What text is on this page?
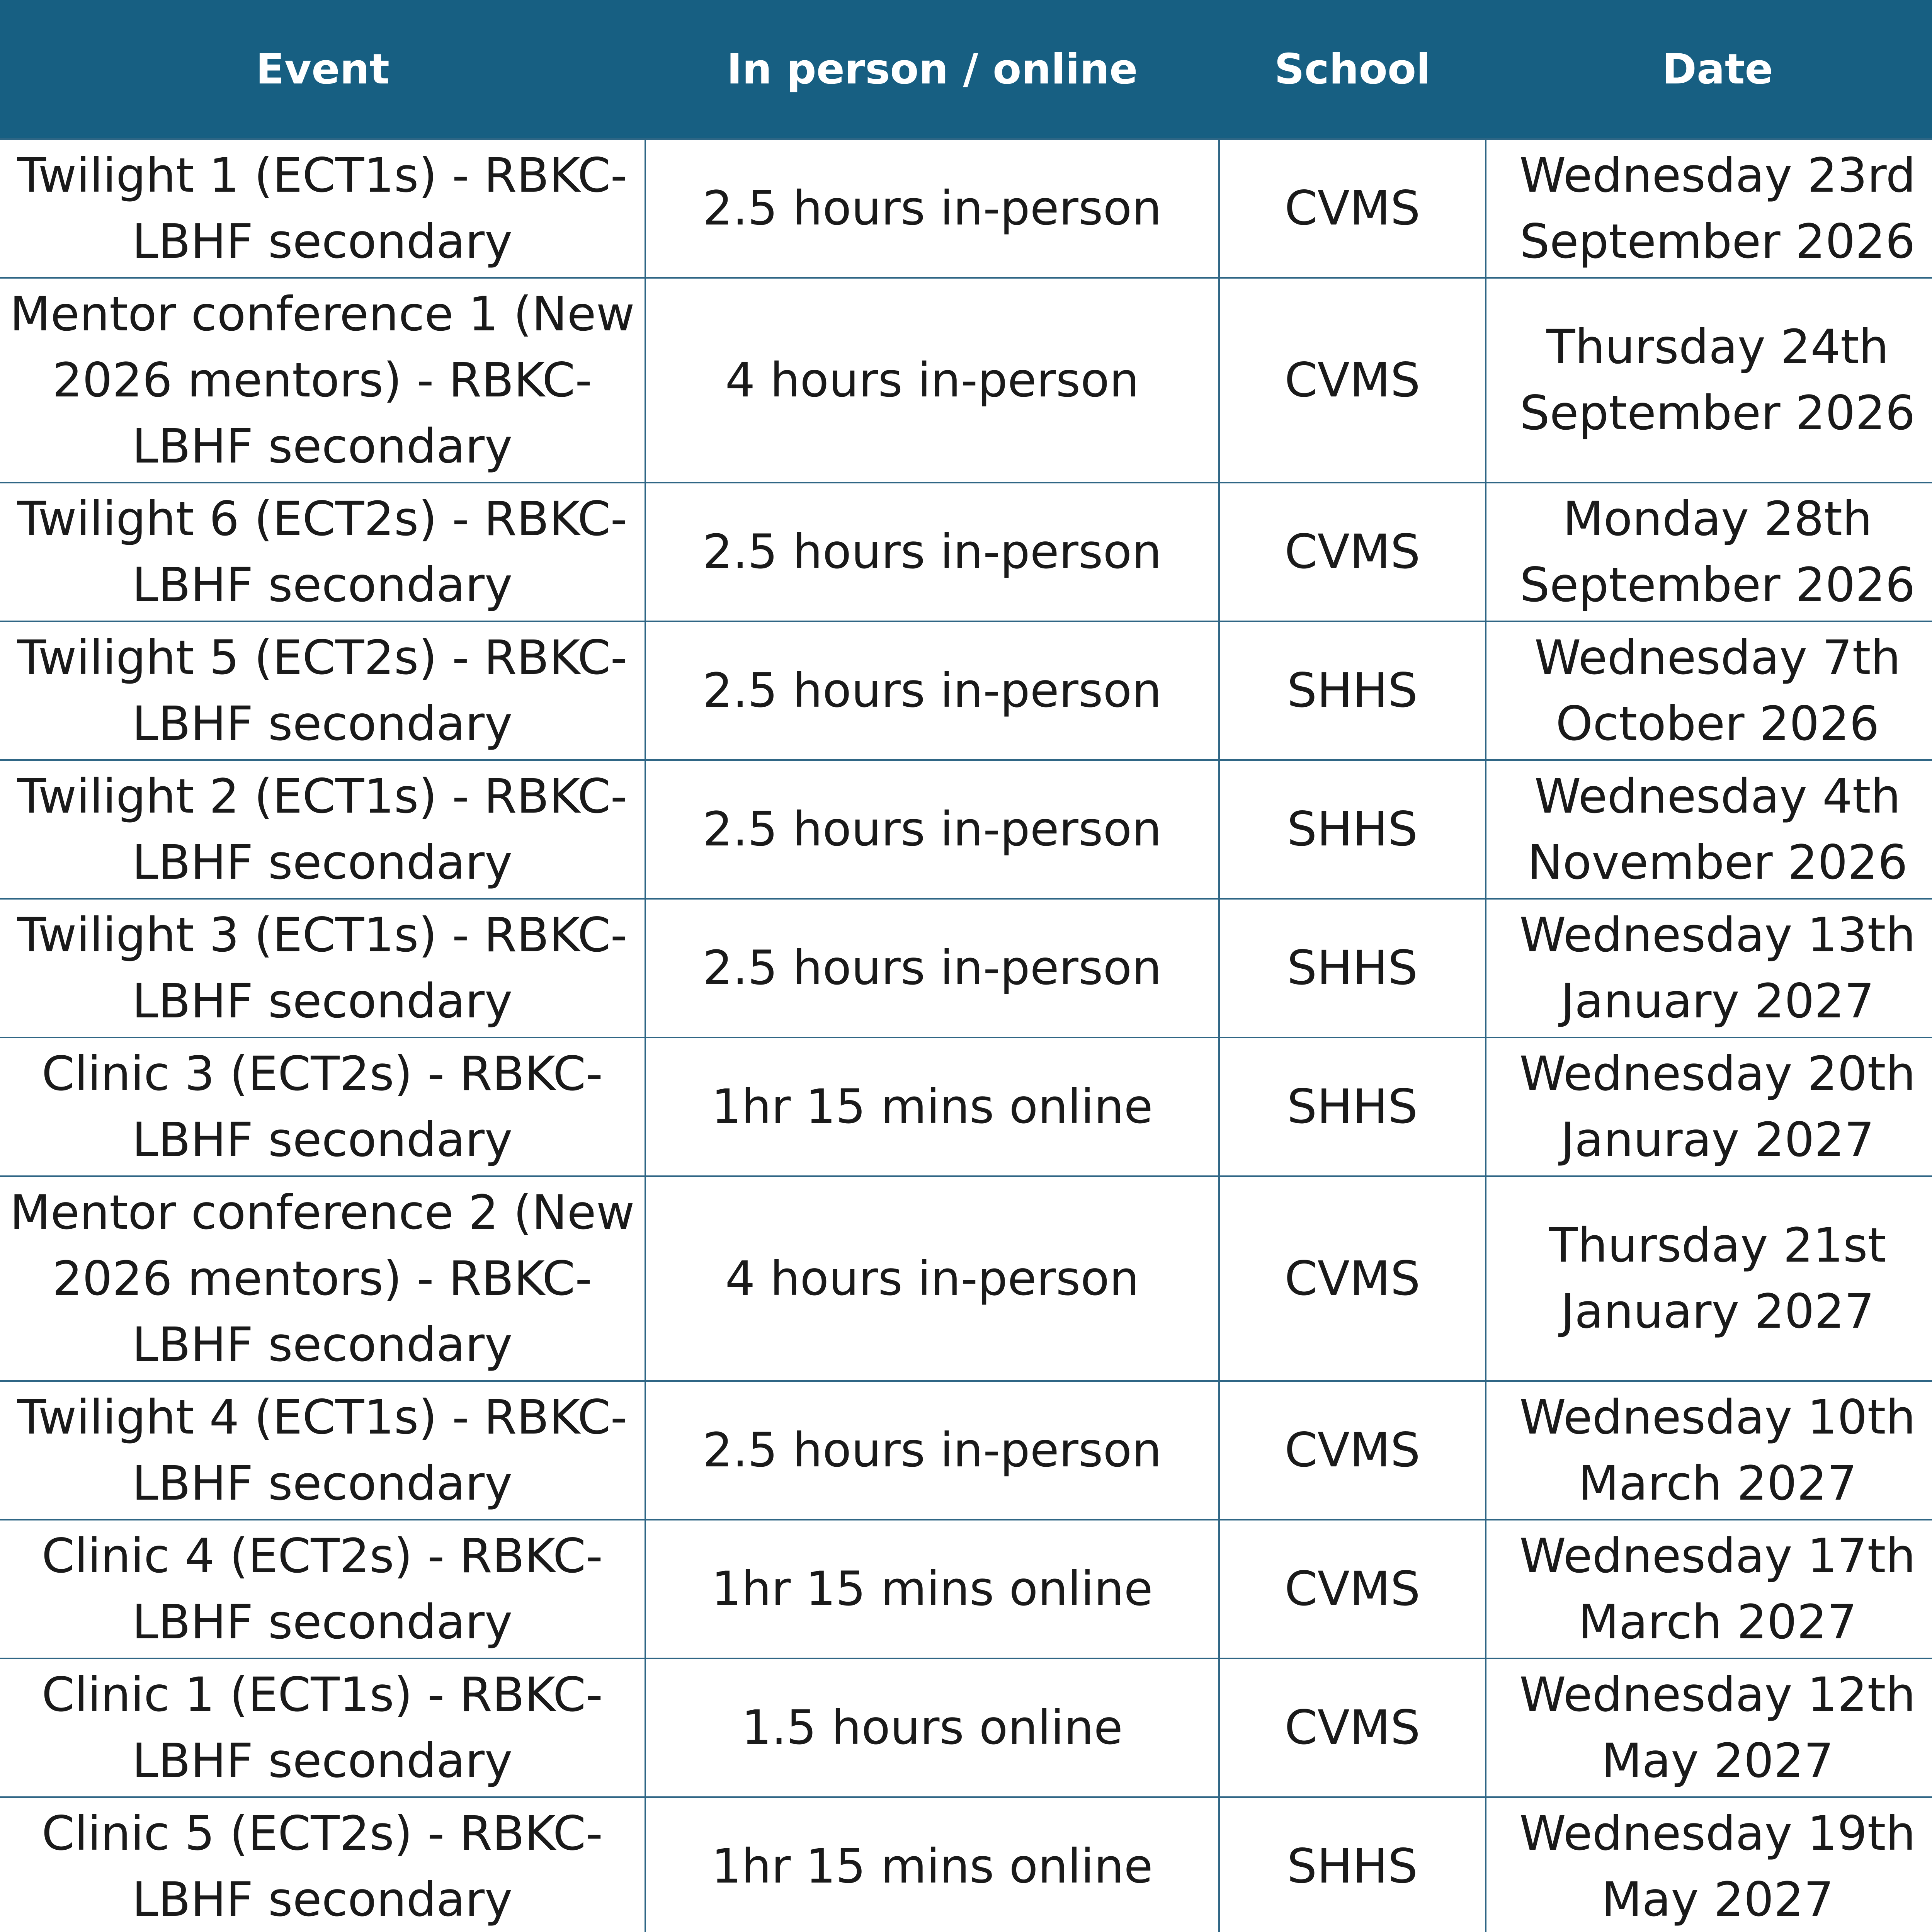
Event	In person / online	School	Date	
Twilight 1 (ECT1s) - RBKC-LBHF secondary	2.5 hours in-person	CVMS	Wednesday 23rd September 2026	
Mentor conference 1 (New 2026 mentors) - RBKC-LBHF secondary	4 hours in-person	CVMS	Thursday 24th September 2026	
Twilight 6 (ECT2s) - RBKC-LBHF secondary	2.5 hours in-person	CVMS	Monday 28th September 2026	
Twilight 5 (ECT2s) - RBKC-LBHF secondary	2.5 hours in-person	SHHS	Wednesday 7th October 2026	
Twilight 2 (ECT1s) - RBKC-LBHF secondary	2.5 hours in-person	SHHS	Wednesday 4th November 2026	
Twilight 3 (ECT1s) - RBKC-LBHF secondary	2.5 hours in-person	SHHS	Wednesday 13th January 2027	
Clinic 3 (ECT2s) - RBKC-LBHF secondary	1hr 15 mins online	SHHS	Wednesday 20th Januray 2027	
Mentor conference 2 (New 2026 mentors) - RBKC-LBHF secondary	4 hours in-person	CVMS	Thursday 21st January 2027	
Twilight 4 (ECT1s) - RBKC-LBHF secondary	2.5 hours in-person	CVMS	Wednesday 10th March 2027	
Clinic 4 (ECT2s) - RBKC-LBHF secondary	1hr 15 mins online	CVMS	Wednesday 17th March 2027	
Clinic 1 (ECT1s) - RBKC-LBHF secondary	1.5 hours online	CVMS	Wednesday 12th May 2027	
Clinic 5 (ECT2s) - RBKC-LBHF secondary	1hr 15 mins online	SHHS	Wednesday 19th May 2027	
